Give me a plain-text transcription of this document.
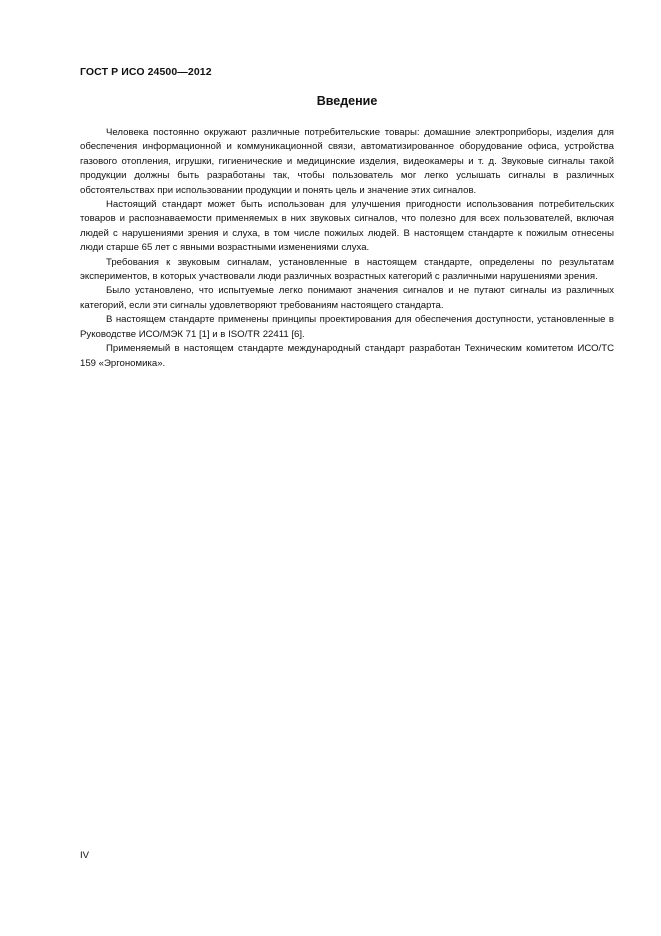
ГОСТ Р ИСО 24500—2012
Введение

Человека постоянно окружают различные потребительские товары: домашние электроприборы, изделия для обеспечения информационной и коммуникационной связи, автоматизированное оборудование офиса, устройства газового отопления, игрушки, гигиенические и медицинские изделия, видеокамеры и т. д. Звуковые сигналы такой продукции должны быть разработаны так, чтобы пользователь мог легко услышать сигналы в различных обстоятельствах при использовании продукции и понять цель и значение этих сигналов.

Настоящий стандарт может быть использован для улучшения пригодности использования потребительских товаров и распознаваемости применяемых в них звуковых сигналов, что полезно для всех пользователей, включая людей с нарушениями зрения и слуха, в том числе пожилых людей. В настоящем стандарте к пожилым отнесены люди старше 65 лет с явными возрастными изменениями слуха.

Требования к звуковым сигналам, установленные в настоящем стандарте, определены по результатам экспериментов, в которых участвовали люди различных возрастных категорий с различными нарушениями зрения.

Было установлено, что испытуемые легко понимают значения сигналов и не путают сигналы из различных категорий, если эти сигналы удовлетворяют требованиям настоящего стандарта.

В настоящем стандарте применены принципы проектирования для обеспечения доступности, установленные в Руководстве ИСО/МЭК 71 [1] и в ISO/TR 22411 [6].

Применяемый в настоящем стандарте международный стандарт разработан Техническим комитетом ИСО/ТС 159 «Эргономика».

IV
